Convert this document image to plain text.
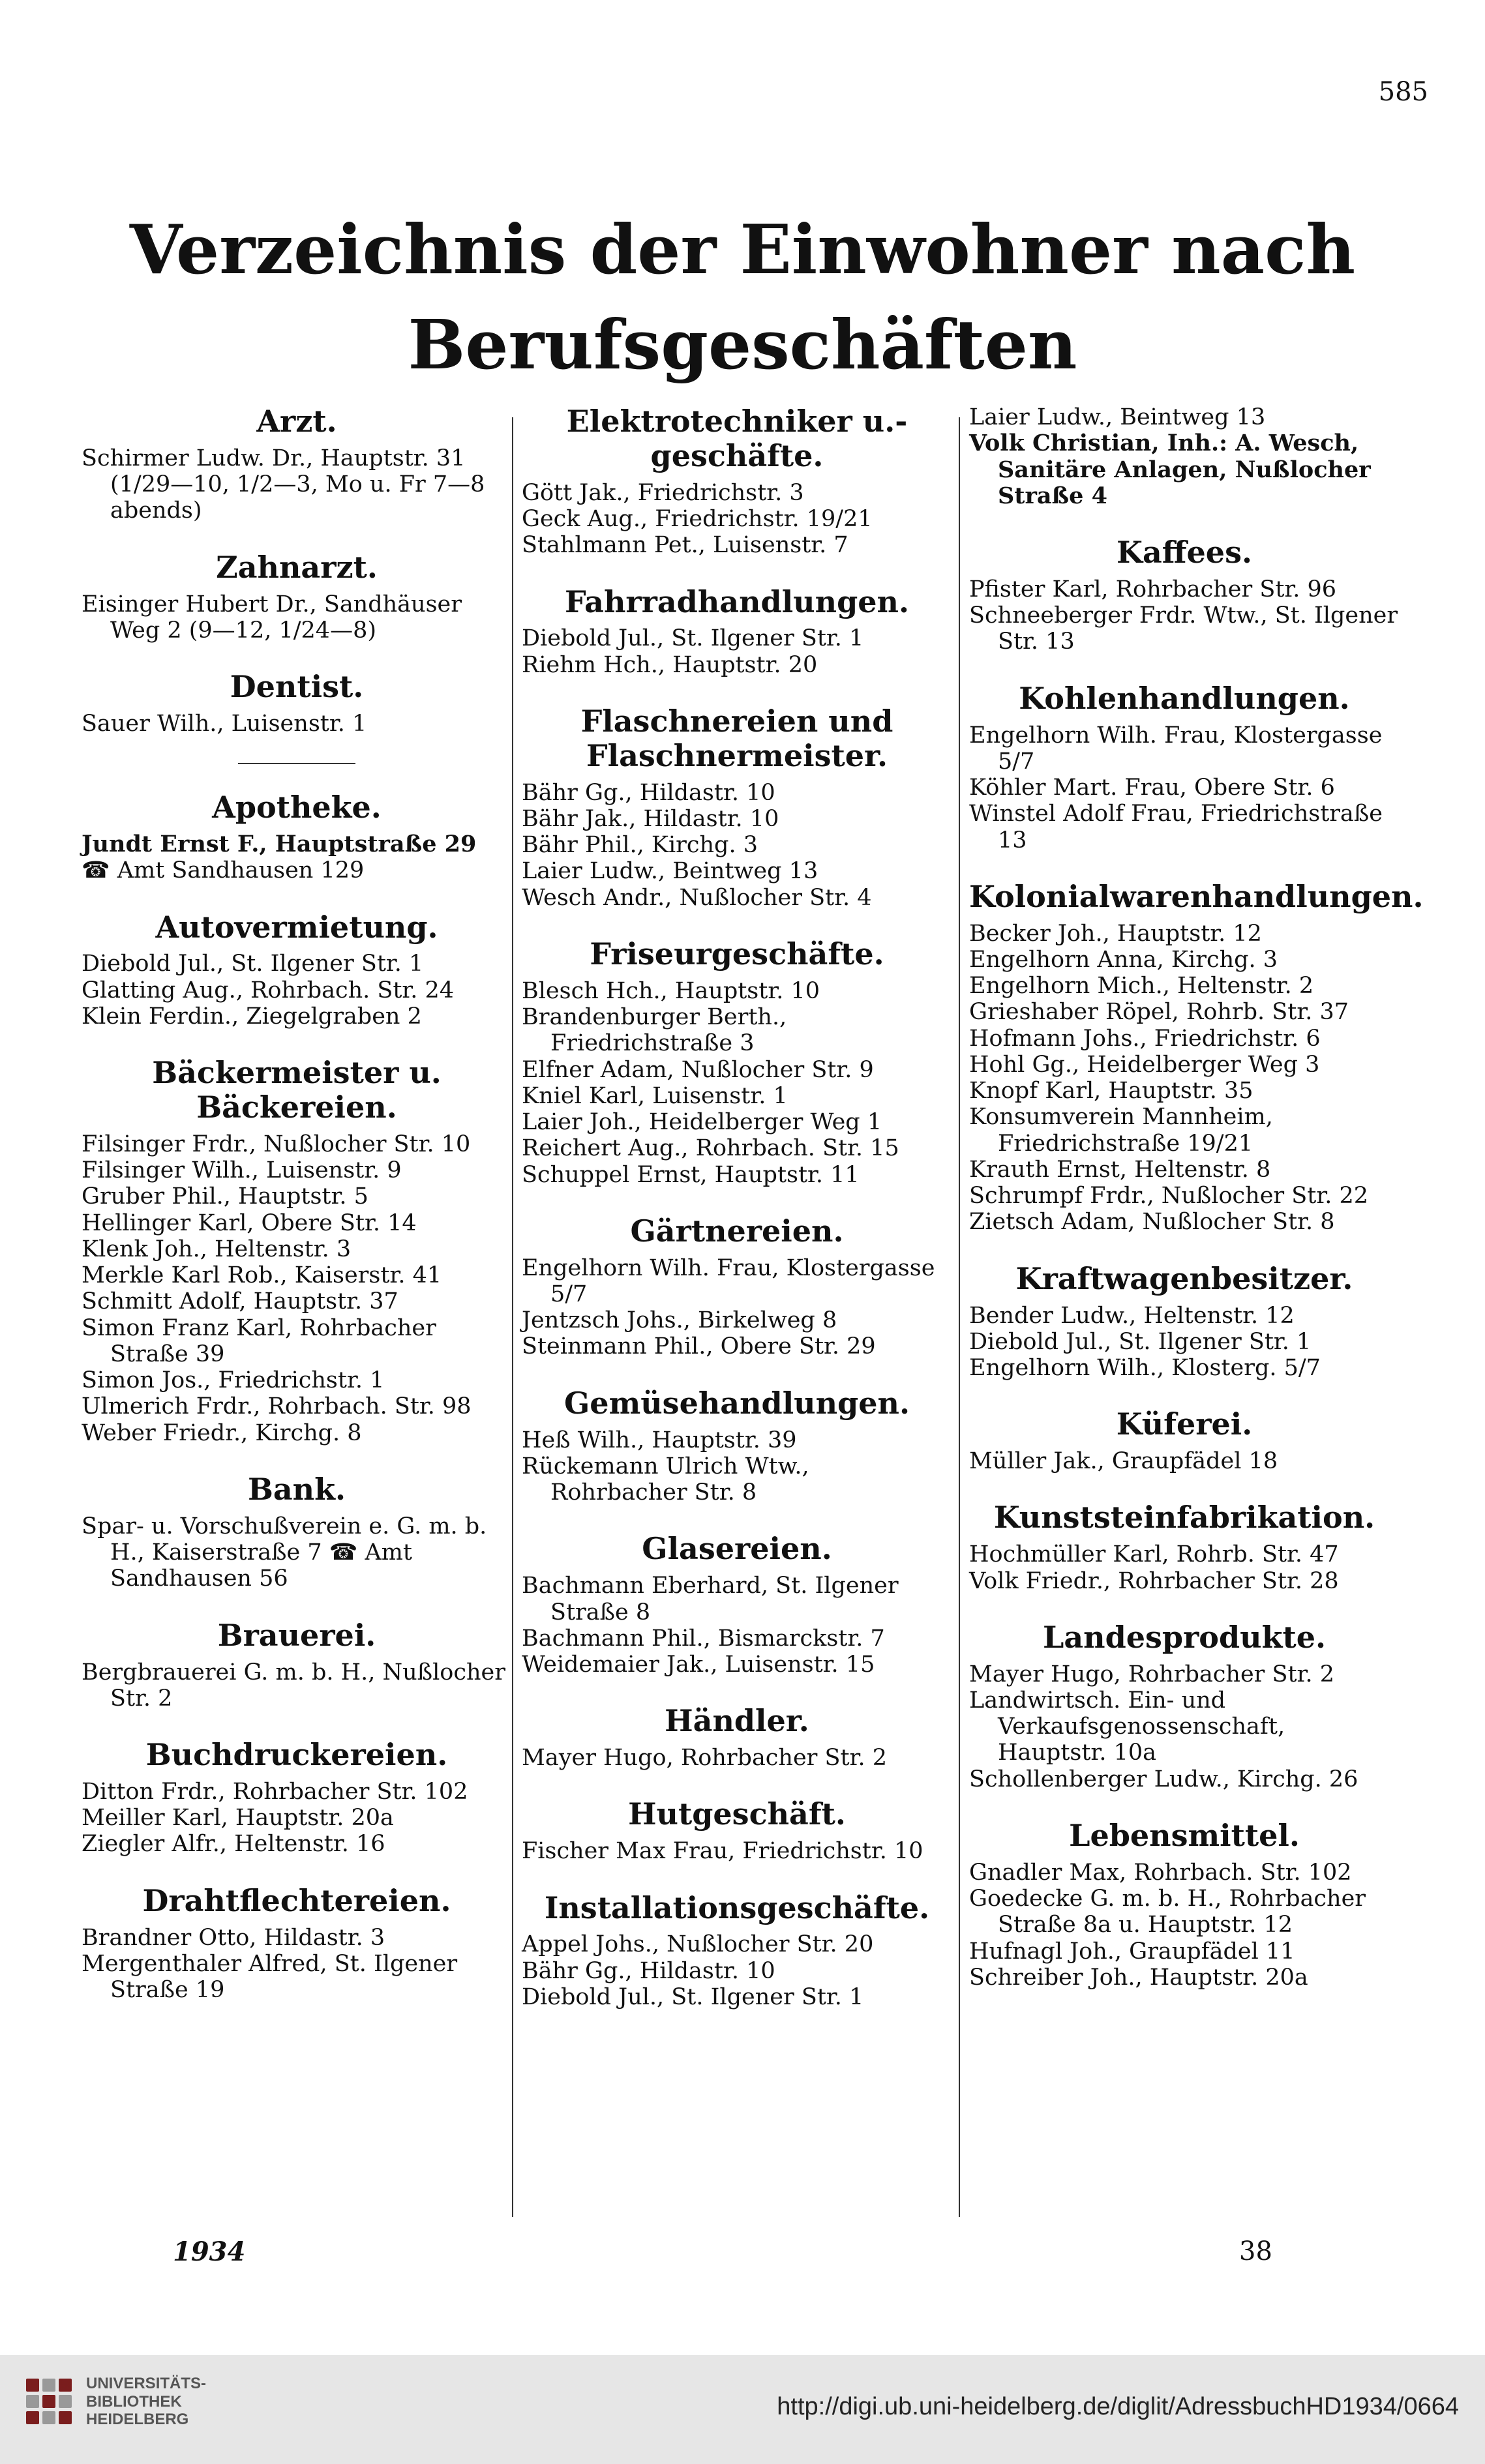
585
Verzeichnis der Einwohner nach
Berufsgeschäften
Arzt.

Schirmer Ludw. Dr., Hauptstr. 31 (1/29—10, 1/2—3, Mo u. Fr 7—8 abends)

Zahnarzt.

Eisinger Hubert Dr., Sandhäuser Weg 2 (9—12, 1/24—8)

Dentist.

Sauer Wilh., Luisenstr. 1

Apotheke.

Jundt Ernst F., Hauptstraße 29

☎ Amt Sandhausen 129

Autovermietung.

Diebold Jul., St. Ilgener Str. 1

Glatting Aug., Rohrbach. Str. 24

Klein Ferdin., Ziegelgraben 2

Bäckermeister u. Bäckereien.

Filsinger Frdr., Nußlocher Str. 10

Filsinger Wilh., Luisenstr. 9

Gruber Phil., Hauptstr. 5

Hellinger Karl, Obere Str. 14

Klenk Joh., Heltenstr. 3

Merkle Karl Rob., Kaiserstr. 41

Schmitt Adolf, Hauptstr. 37

Simon Franz Karl, Rohrbacher Straße 39

Simon Jos., Friedrichstr. 1

Ulmerich Frdr., Rohrbach. Str. 98

Weber Friedr., Kirchg. 8

Bank.

Spar- u. Vorschußverein e. G. m. b. H., Kaiserstraße 7 ☎ Amt Sandhausen 56

Brauerei.

Bergbrauerei G. m. b. H., Nußlocher Str. 2

Buchdruckereien.

Ditton Frdr., Rohrbacher Str. 102

Meiller Karl, Hauptstr. 20a

Ziegler Alfr., Heltenstr. 16

Drahtflechtereien.

Brandner Otto, Hildastr. 3

Mergenthaler Alfred, St. Ilgener Straße 19

Elektrotechniker u.-geschäfte.

Gött Jak., Friedrichstr. 3

Geck Aug., Friedrichstr. 19/21

Stahlmann Pet., Luisenstr. 7

Fahrradhandlungen.

Diebold Jul., St. Ilgener Str. 1

Riehm Hch., Hauptstr. 20

Flaschnereien und Flaschnermeister.

Bähr Gg., Hildastr. 10

Bähr Jak., Hildastr. 10

Bähr Phil., Kirchg. 3

Laier Ludw., Beintweg 13

Wesch Andr., Nußlocher Str. 4

Friseurgeschäfte.

Blesch Hch., Hauptstr. 10

Brandenburger Berth., Friedrichstraße 3

Elfner Adam, Nußlocher Str. 9

Kniel Karl, Luisenstr. 1

Laier Joh., Heidelberger Weg 1

Reichert Aug., Rohrbach. Str. 15

Schuppel Ernst, Hauptstr. 11

Gärtnereien.

Engelhorn Wilh. Frau, Klostergasse 5/7

Jentzsch Johs., Birkelweg 8

Steinmann Phil., Obere Str. 29

Gemüsehandlungen.

Heß Wilh., Hauptstr. 39

Rückemann Ulrich Wtw., Rohrbacher Str. 8

Glasereien.

Bachmann Eberhard, St. Ilgener Straße 8

Bachmann Phil., Bismarckstr. 7

Weidemaier Jak., Luisenstr. 15

Händler.

Mayer Hugo, Rohrbacher Str. 2

Hutgeschäft.

Fischer Max Frau, Friedrichstr. 10

Installationsgeschäfte.

Appel Johs., Nußlocher Str. 20

Bähr Gg., Hildastr. 10

Diebold Jul., St. Ilgener Str. 1

Laier Ludw., Beintweg 13

Volk Christian, Inh.: A. Wesch, Sanitäre Anlagen, Nußlocher Straße 4

Kaffees.

Pfister Karl, Rohrbacher Str. 96

Schneeberger Frdr. Wtw., St. Ilgener Str. 13

Kohlenhandlungen.

Engelhorn Wilh. Frau, Klostergasse 5/7

Köhler Mart. Frau, Obere Str. 6

Winstel Adolf Frau, Friedrichstraße 13

Kolonialwarenhandlungen.

Becker Joh., Hauptstr. 12

Engelhorn Anna, Kirchg. 3

Engelhorn Mich., Heltenstr. 2

Grieshaber Röpel, Rohrb. Str. 37

Hofmann Johs., Friedrichstr. 6

Hohl Gg., Heidelberger Weg 3

Knopf Karl, Hauptstr. 35

Konsumverein Mannheim, Friedrichstraße 19/21

Krauth Ernst, Heltenstr. 8

Schrumpf Frdr., Nußlocher Str. 22

Zietsch Adam, Nußlocher Str. 8

Kraftwagenbesitzer.

Bender Ludw., Heltenstr. 12

Diebold Jul., St. Ilgener Str. 1

Engelhorn Wilh., Klosterg. 5/7

Küferei.

Müller Jak., Graupfädel 18

Kunststeinfabrikation.

Hochmüller Karl, Rohrb. Str. 47

Volk Friedr., Rohrbacher Str. 28

Landesprodukte.

Mayer Hugo, Rohrbacher Str. 2

Landwirtsch. Ein- und Verkaufsgenossenschaft, Hauptstr. 10a

Schollenberger Ludw., Kirchg. 26

Lebensmittel.

Gnadler Max, Rohrbach. Str. 102

Goedecke G. m. b. H., Rohrbacher Straße 8a u. Hauptstr. 12

Hufnagl Joh., Graupfädel 11

Schreiber Joh., Hauptstr. 20a

1934	38
UNIVERSITÄTS-
BIBLIOTHEK
HEIDELBERG	http://digi.ub.uni-heidelberg.de/diglit/AdressbuchHD1934/0664
